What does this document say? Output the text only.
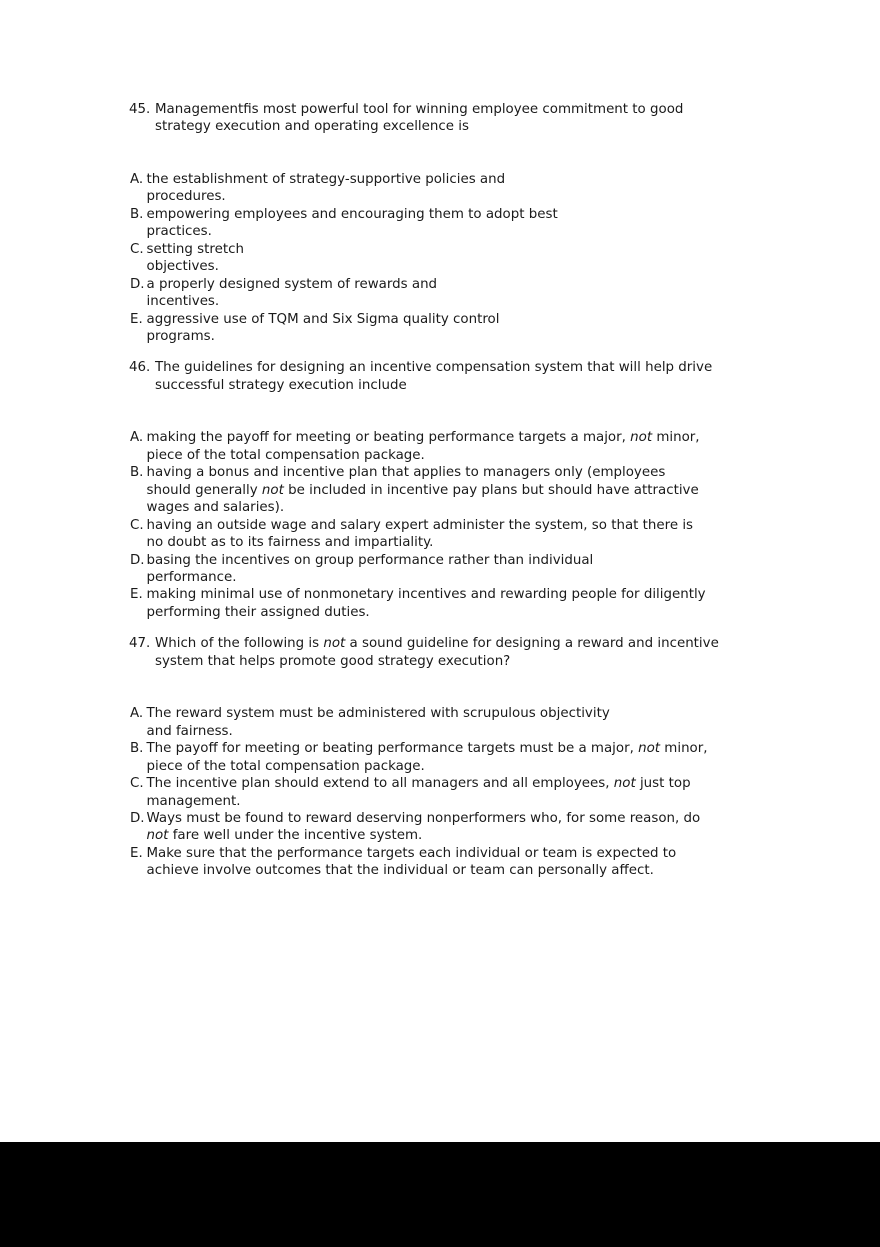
45. Managementfis most powerful tool for winning employee commitment to good
strategy execution and operating excellence is
A. the establishment of strategy-supportive policies and
procedures.
B. empowering employees and encouraging them to adopt best
practices.
C. setting stretch
objectives.
D. a properly designed system of rewards and
incentives.
E. aggressive use of TQM and Six Sigma quality control
programs.
46. The guidelines for designing an incentive compensation system that will help drive
successful strategy execution include
A. making the payoff for meeting or beating performance targets a major, not minor,
piece of the total compensation package.
B. having a bonus and incentive plan that applies to managers only (employees
should generally not be included in incentive pay plans but should have attractive
wages and salaries).
C. having an outside wage and salary expert administer the system, so that there is
no doubt as to its fairness and impartiality.
D. basing the incentives on group performance rather than individual
performance.
E. making minimal use of nonmonetary incentives and rewarding people for diligently
performing their assigned duties.
47. Which of the following is not a sound guideline for designing a reward and incentive
system that helps promote good strategy execution?
A. The reward system must be administered with scrupulous objectivity
and fairness.
B. The payoff for meeting or beating performance targets must be a major, not minor,
piece of the total compensation package.
C. The incentive plan should extend to all managers and all employees, not just top
management.
D. Ways must be found to reward deserving nonperformers who, for some reason, do
not fare well under the incentive system.
E. Make sure that the performance targets each individual or team is expected to
achieve involve outcomes that the individual or team can personally affect.
